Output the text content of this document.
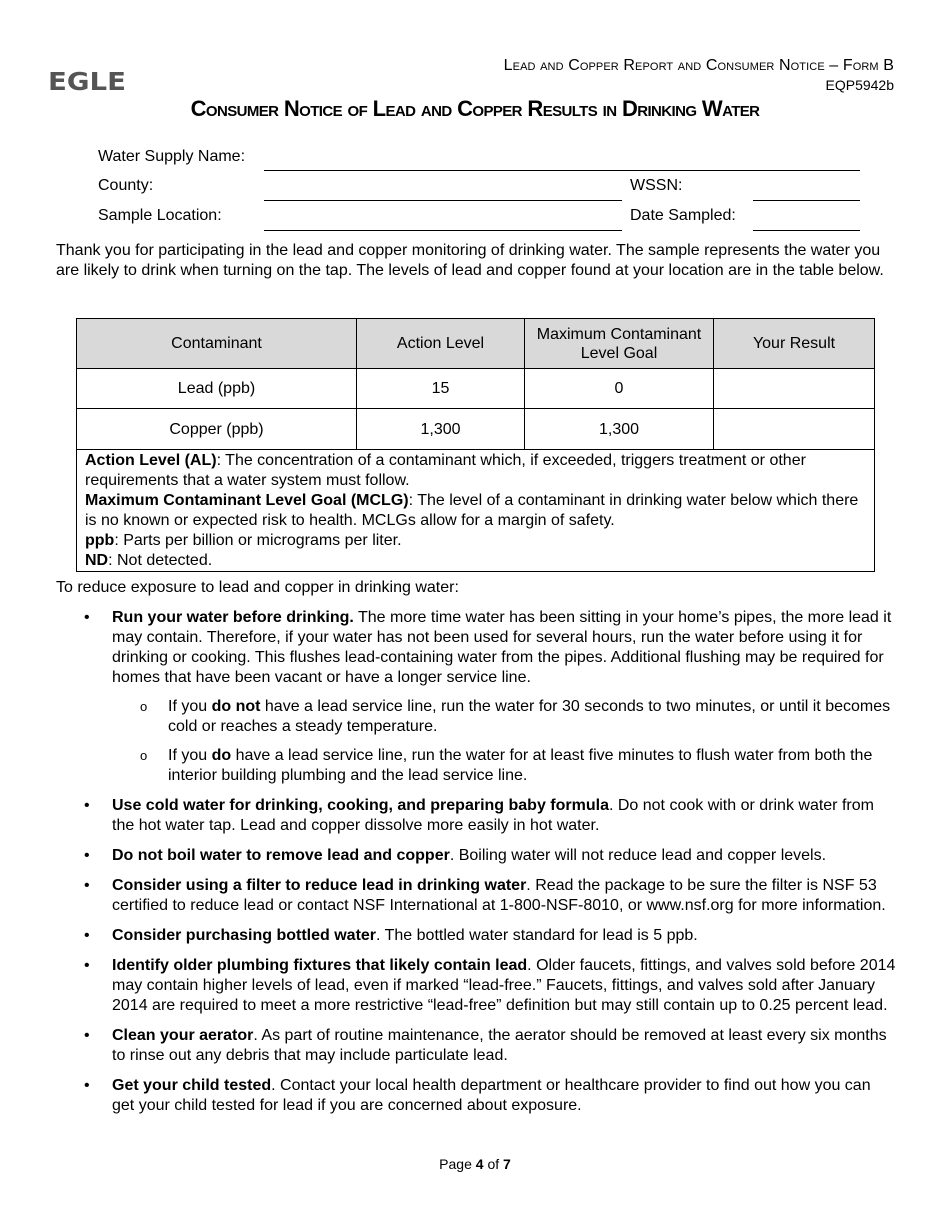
EGLE
Lead and Copper Report and Consumer Notice – Form B
EQP5942b
Consumer Notice of Lead and Copper Results in Drinking Water
Water Supply Name:
County:	WSSN:
Sample Location:	Date Sampled:
Thank you for participating in the lead and copper monitoring of drinking water. The sample represents the water you are likely to drink when turning on the tap. The levels of lead and copper found at your location are in the table below.
Contaminant	Action Level	Maximum Contaminant Level Goal	Your Result
Lead (ppb)	15	0	
Copper (ppb)	1,300	1,300	

Action Level (AL): The concentration of a contaminant which, if exceeded, triggers treatment or other requirements that a water system must follow.
Maximum Contaminant Level Goal (MCLG): The level of a contaminant in drinking water below which there is no known or expected risk to health. MCLGs allow for a margin of safety.
ppb: Parts per billion or micrograms per liter.
ND: Not detected.			
To reduce exposure to lead and copper in drinking water:
• Run your water before drinking. The more time water has been sitting in your home’s pipes, the more lead it may contain. Therefore, if your water has not been used for several hours, run the water before using it for drinking or cooking. This flushes lead-containing water from the pipes. Additional flushing may be required for homes that have been vacant or have a longer service line.
o If you do not have a lead service line, run the water for 30 seconds to two minutes, or until it becomes cold or reaches a steady temperature.
o If you do have a lead service line, run the water for at least five minutes to flush water from both the interior building plumbing and the lead service line.
• Use cold water for drinking, cooking, and preparing baby formula. Do not cook with or drink water from the hot water tap. Lead and copper dissolve more easily in hot water.
• Do not boil water to remove lead and copper. Boiling water will not reduce lead and copper levels.
• Consider using a filter to reduce lead in drinking water. Read the package to be sure the filter is NSF 53 certified to reduce lead or contact NSF International at 1-800-NSF-8010, or www.nsf.org for more information.
• Consider purchasing bottled water. The bottled water standard for lead is 5 ppb.
• Identify older plumbing fixtures that likely contain lead. Older faucets, fittings, and valves sold before 2014 may contain higher levels of lead, even if marked “lead-free.” Faucets, fittings, and valves sold after January 2014 are required to meet a more restrictive “lead-free” definition but may still contain up to 0.25 percent lead.
• Clean your aerator. As part of routine maintenance, the aerator should be removed at least every six months to rinse out any debris that may include particulate lead.
• Get your child tested. Contact your local health department or healthcare provider to find out how you can get your child tested for lead if you are concerned about exposure.
Page 4 of 7
